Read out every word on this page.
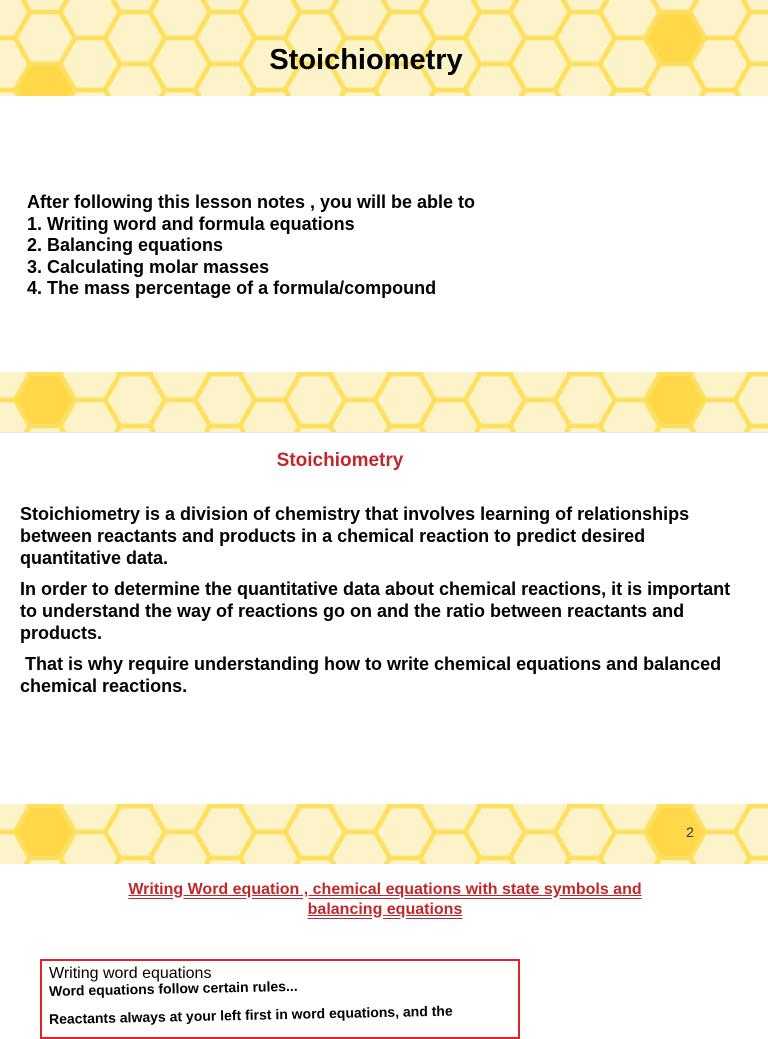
Stoichiometry
After following this lesson notes , you will be able to
1. Writing word and formula equations
2. Balancing equations
3. Calculating molar masses
4. The mass percentage of a formula/compound
Stoichiometry

Stoichiometry is a division of chemistry that involves learning of relationships between reactants and products in a chemical reaction to predict desired quantitative data.

In order to determine the quantitative data about chemical reactions, it is important to understand the way of reactions go on and the ratio between reactants and products.

That is why require understanding how to write chemical equations and balanced chemical reactions.

2
Writing Word equation , chemical equations with state symbols and
balancing equations
Writing word equations
Word equations follow certain rules...
Reactants always at your left first in word equations, and the
